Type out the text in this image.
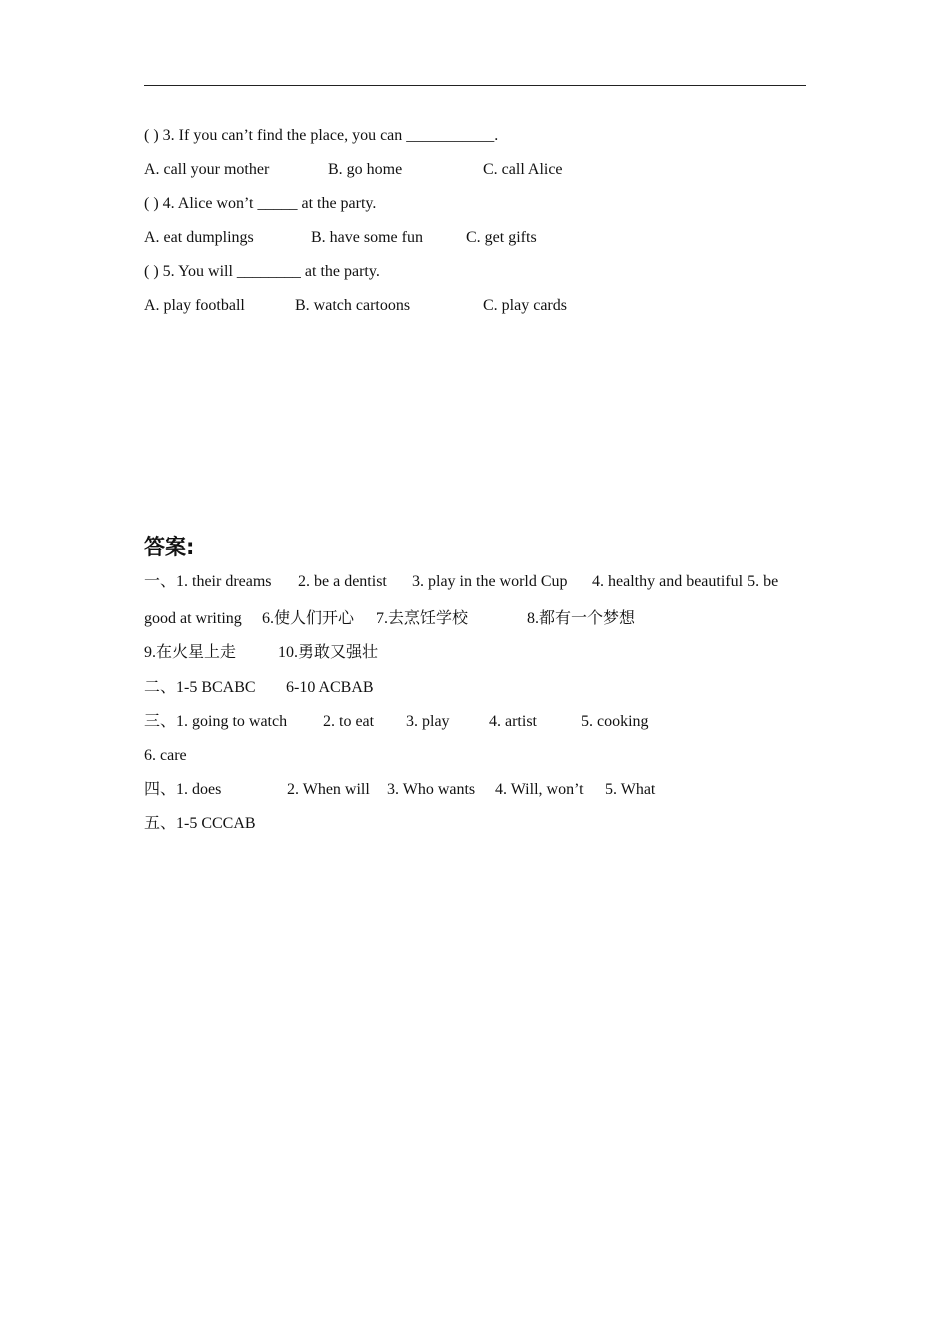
( ) 3. If you can’t find the place, you can ___________.
A. call your mother	B. go home	C. call Alice
( ) 4. Alice won’t _____ at the party.
A. eat dumplings	B. have some fun	C. get gifts
( ) 5. You will ________ at the party.
A. play football	B. watch cartoons	C. play cards
答案:
一、1. their dreams 2. be a dentist 3. play in the world Cup 4. healthy and beautiful 5. be
good at writing 6.使人们开心 7.去烹饪学校	8.都有一个梦想
9.在火星上走	10.勇敢又强壮
二、1-5 BCABC 6-10 ACBAB
三、1. going to watch 2. to eat 3. play 4. artist	5. cooking
6. care
四、1. does	2. When will 3. Who wants 4. Will, won’t 5. What
五、1-5 CCCAB
